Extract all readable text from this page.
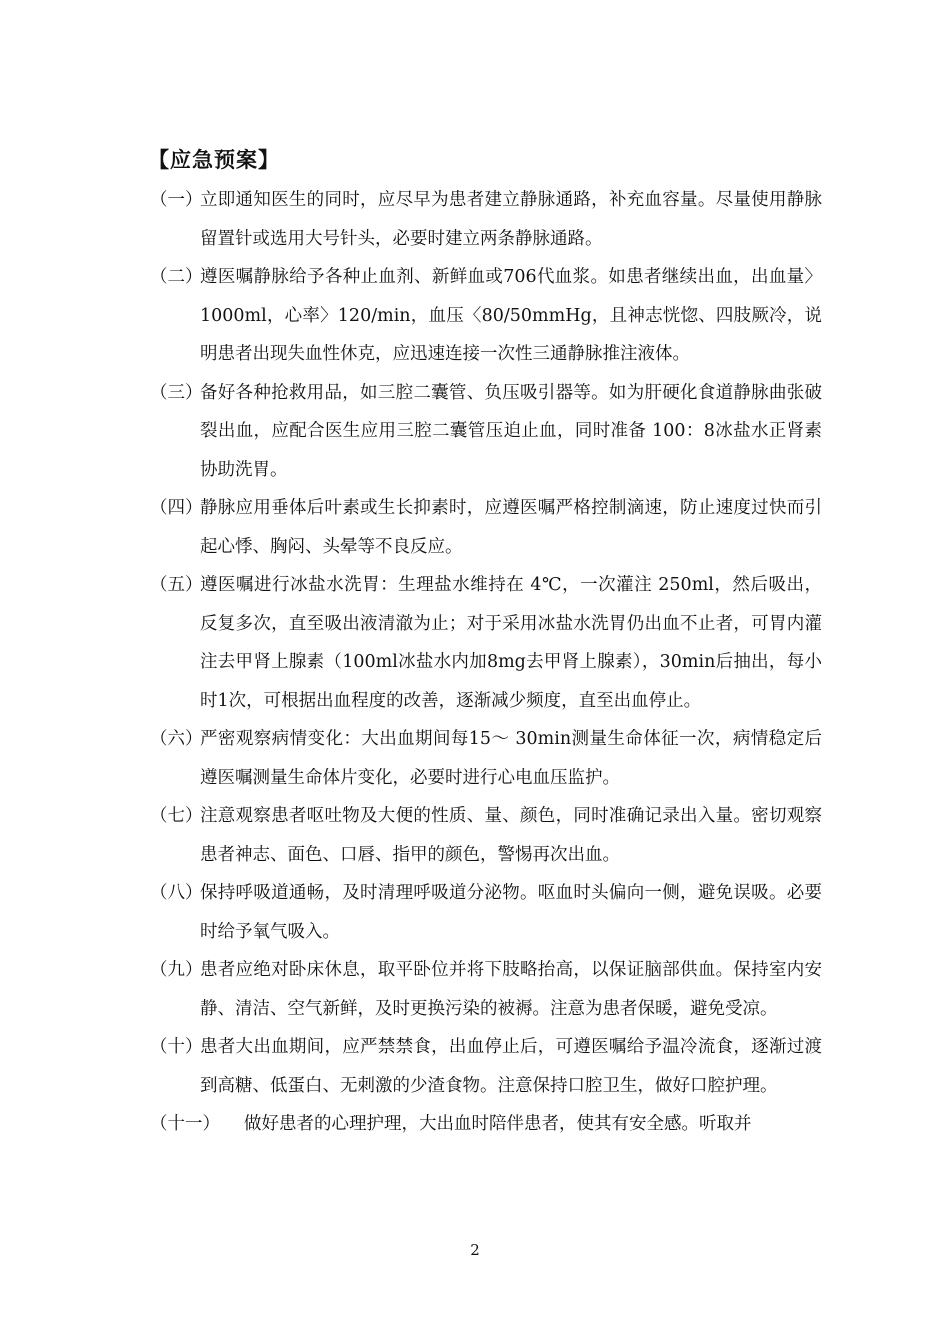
【应急预案】
（一）
立即通知医生的同时，应尽早为患者建立静脉通路，补充血容量。尽量使用静脉留置针或选用大号针头，必要时建立两条静脉通路。
（二）
遵医嘱静脉给予各种止血剂、新鲜血或706代血浆。如患者继续出血，出血量〉1000ml，心率〉120/min，血压〈80/50mmHg，且神志恍惚、四肢厥冷，说明患者出现失血性休克，应迅速连接一次性三通静脉推注液体。
（三）
备好各种抢救用品，如三腔二囊管、负压吸引器等。如为肝硬化食道静脉曲张破裂出血，应配合医生应用三腔二囊管压迫止血，同时准备 100：8冰盐水正肾素协助洗胃。
（四）
静脉应用垂体后叶素或生长抑素时，应遵医嘱严格控制滴速，防止速度过快而引起心悸、胸闷、头晕等不良反应。
（五）
遵医嘱进行冰盐水洗胃：生理盐水维持在 4℃，一次灌注 250ml，然后吸出，反复多次，直至吸出液清澈为止；对于采用冰盐水洗胃仍出血不止者，可胃内灌注去甲肾上腺素（100ml冰盐水内加8mg去甲肾上腺素），30min后抽出，每小时1次，可根据出血程度的改善，逐渐减少频度，直至出血停止。
（六）
严密观察病情变化：大出血期间每15～ 30min测量生命体征一次，病情稳定后遵医嘱测量生命体片变化，必要时进行心电血压监护。
（七）
注意观察患者呕吐物及大便的性质、量、颜色，同时准确记录出入量。密切观察患者神志、面色、口唇、指甲的颜色，警惕再次出血。
（八）
保持呼吸道通畅，及时清理呼吸道分泌物。呕血时头偏向一侧，避免误吸。必要时给予氧气吸入。
（九）
患者应绝对卧床休息，取平卧位并将下肢略抬高，以保证脑部供血。保持室内安静、清洁、空气新鲜，及时更换污染的被褥。注意为患者保暖，避免受凉。
（十）
患者大出血期间，应严禁禁食，出血停止后，可遵医嘱给予温冷流食，逐渐过渡到高糖、低蛋白、无刺激的少渣食物。注意保持口腔卫生，做好口腔护理。
（十一） 做好患者的心理护理，大出血时陪伴患者，使其有安全感。听取并
2
